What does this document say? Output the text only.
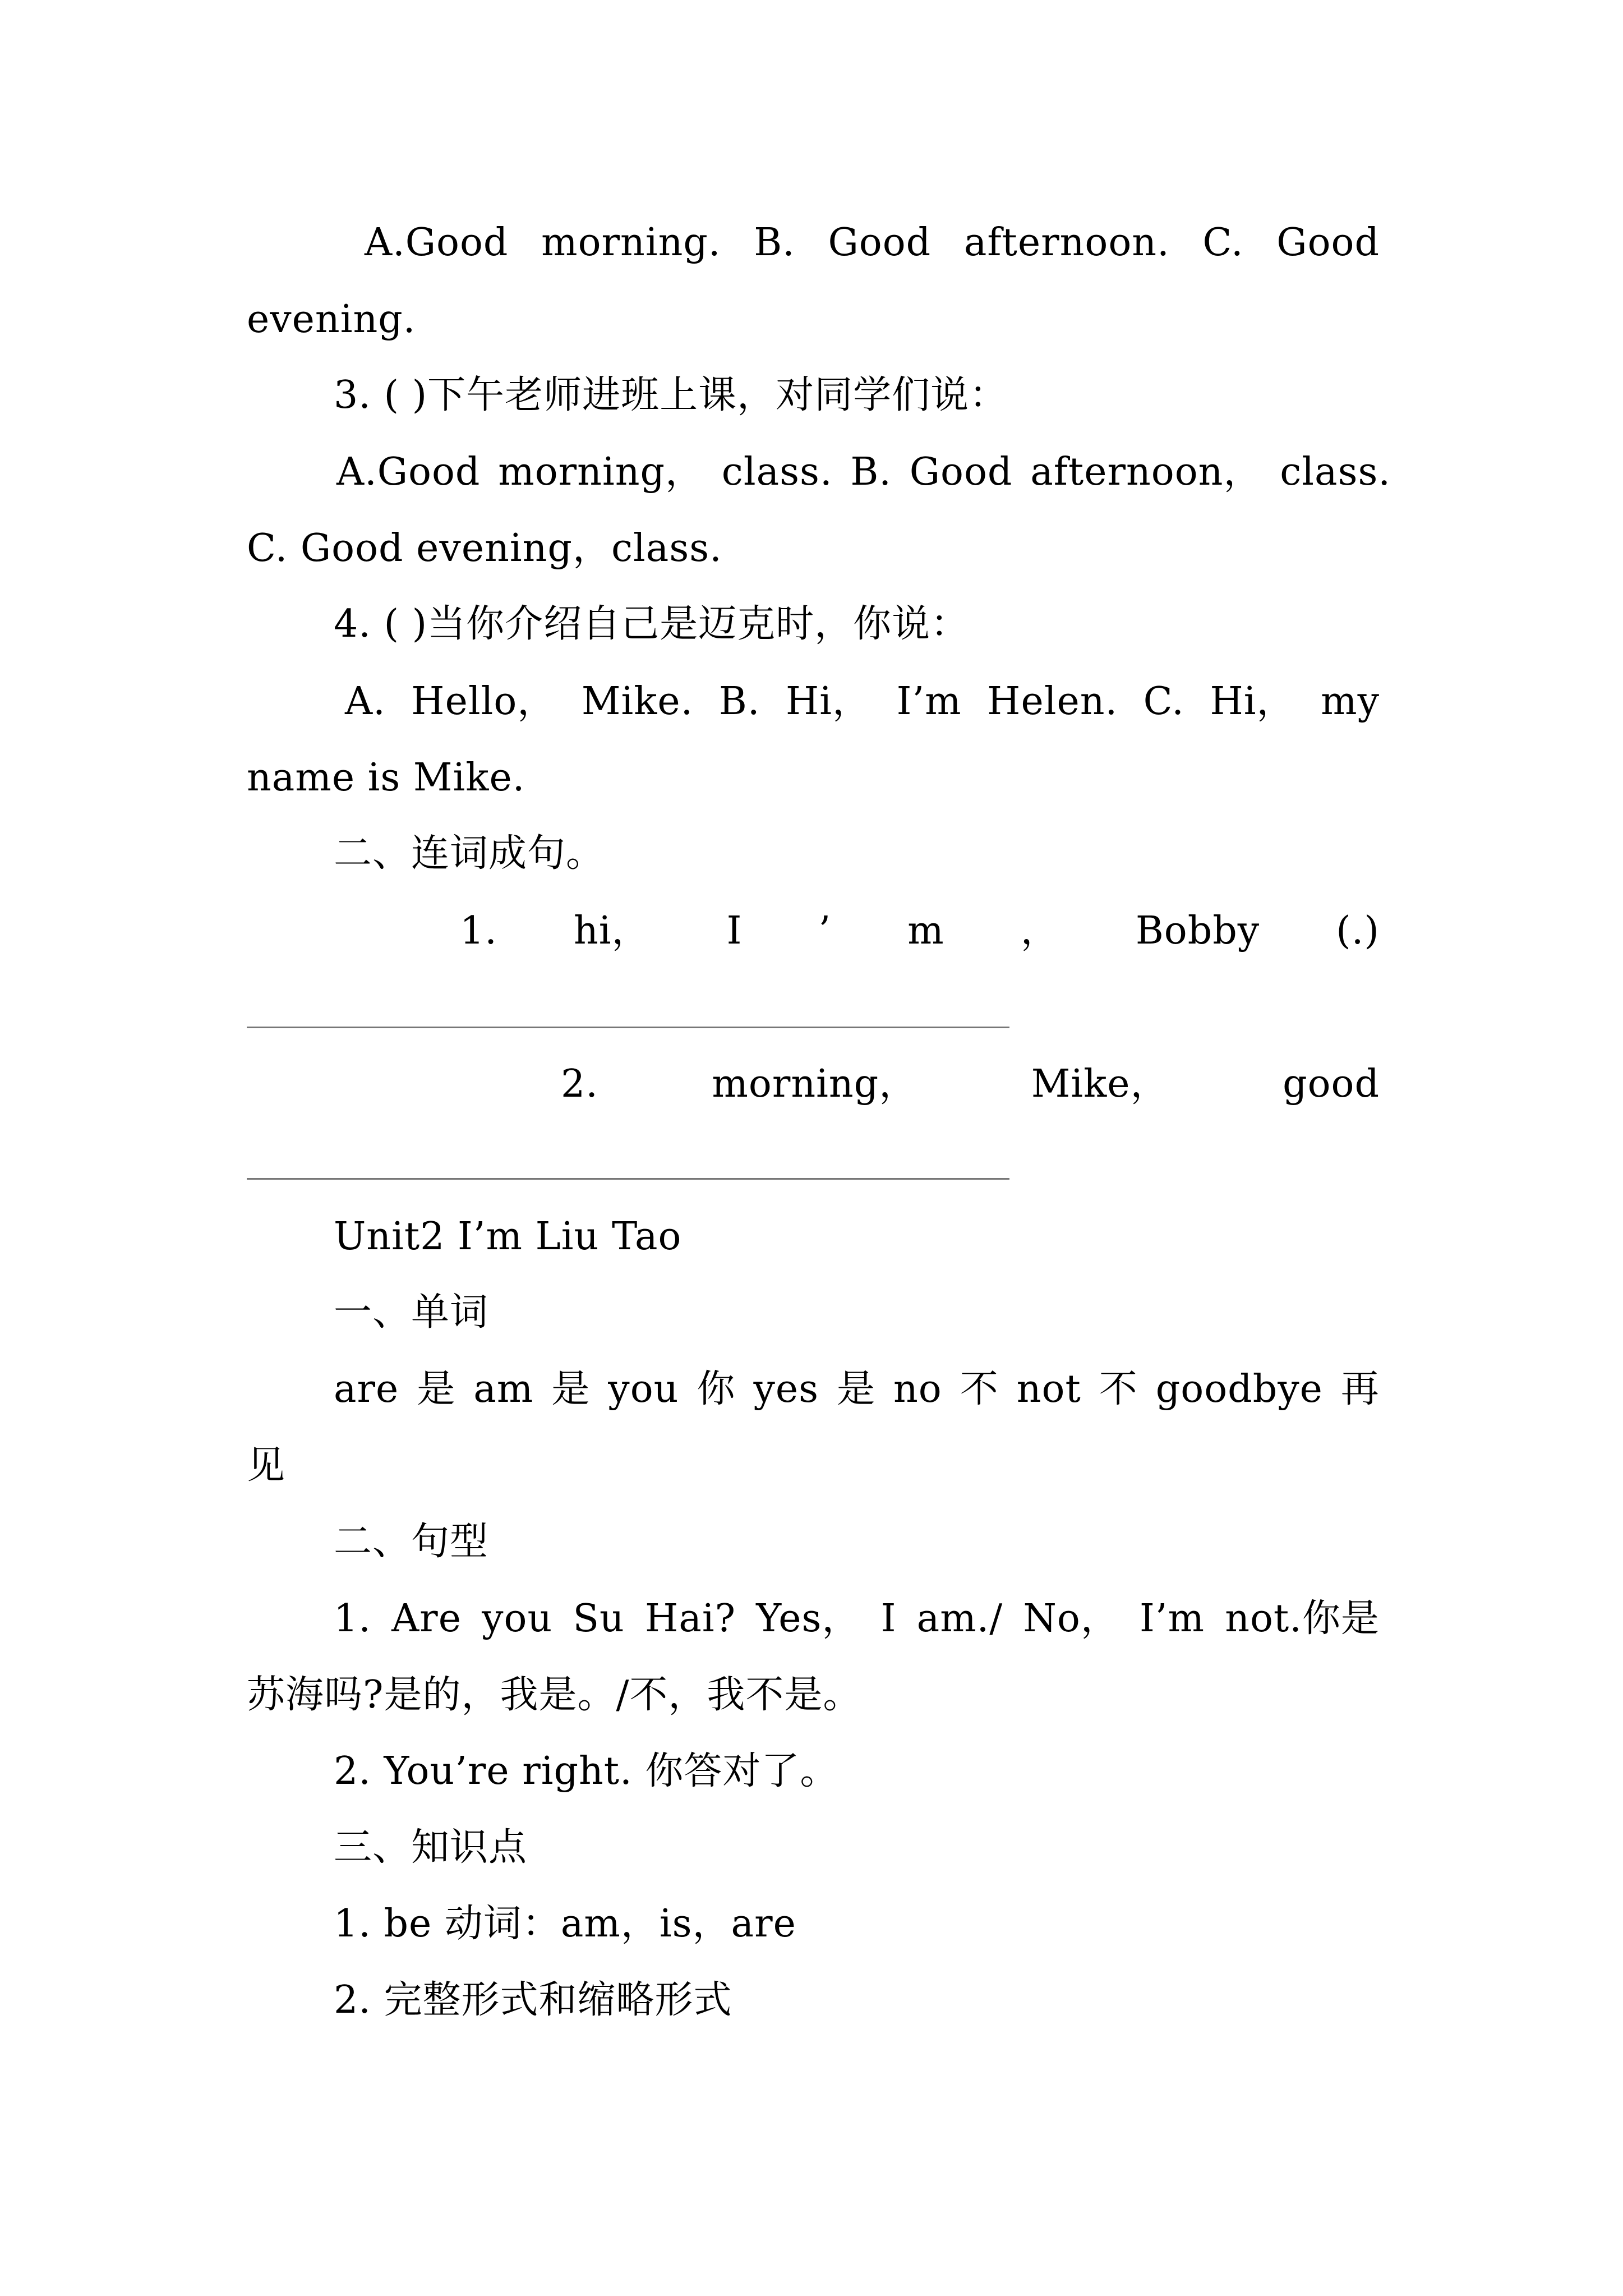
A.Good morning. B. Good afternoon. C. Good
evening.
3. ( )下午老师进班上课，对同学们说：
A.Good morning， class. B. Good afternoon， class.
C. Good evening，class.
4. ( )当你介绍自己是迈克时，你说：
A. Hello， Mike. B. Hi， I’m Helen. C. Hi， my
name is Mike.
二、连词成句。
1. hi， I ’ m ， Bobby (.)
2.	morning，	Mike，	good
Unit2 I’m Liu Tao
一、单词
are 是 am 是 you 你 yes 是 no 不 not 不 goodbye 再
见
二、句型
1. Are you Su Hai? Yes， I am./ No， I’m not.你是
苏海吗?是的，我是。/不，我不是。
2. You’re right. 你答对了。
三、知识点
1. be 动词：am，is，are
2. 完整形式和缩略形式
